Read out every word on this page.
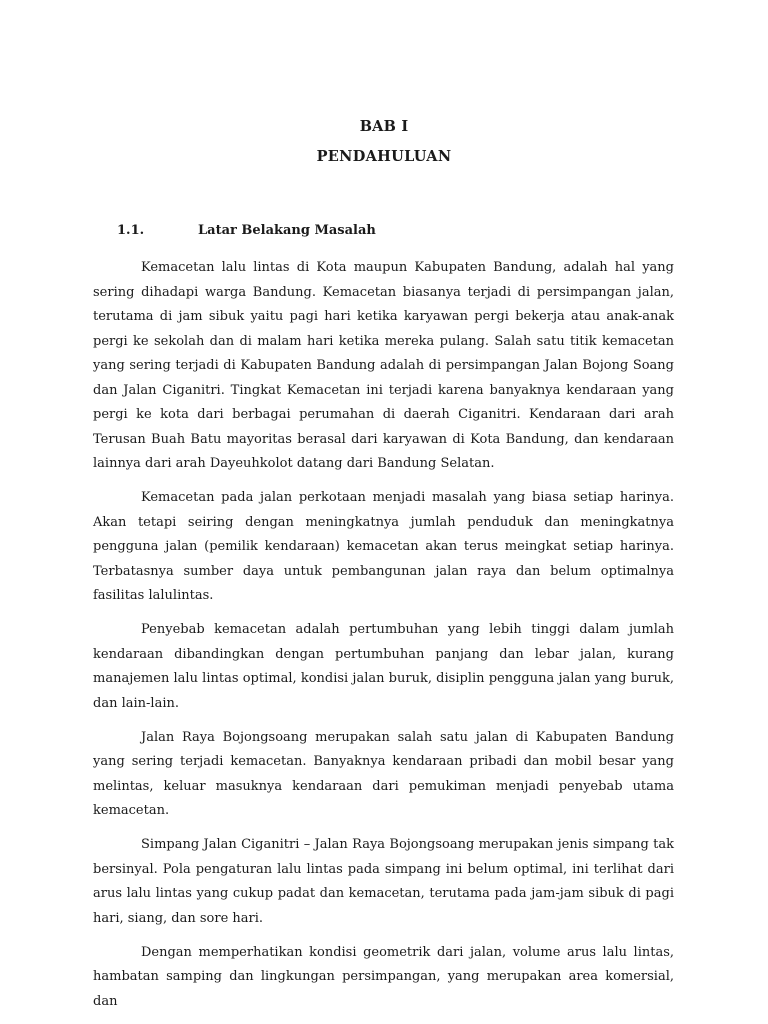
BAB I
PENDAHULUAN
1.1.	Latar Belakang Masalah

Kemacetan lalu lintas di Kota maupun Kabupaten Bandung, adalah hal yang sering dihadapi warga Bandung. Kemacetan biasanya terjadi di persimpangan jalan, terutama di jam sibuk yaitu pagi hari ketika karyawan pergi bekerja atau anak-anak pergi ke sekolah dan di malam hari ketika mereka pulang. Salah satu titik kemacetan yang sering terjadi di Kabupaten Bandung adalah di persimpangan Jalan Bojong Soang dan Jalan Ciganitri. Tingkat Kemacetan ini terjadi karena banyaknya kendaraan yang pergi ke kota dari berbagai perumahan di daerah Ciganitri. Kendaraan dari arah Terusan Buah Batu mayoritas berasal dari karyawan di Kota Bandung, dan kendaraan lainnya dari arah Dayeuhkolot datang dari Bandung Selatan.

Kemacetan pada jalan perkotaan menjadi masalah yang biasa setiap harinya. Akan tetapi seiring dengan meningkatnya jumlah penduduk dan meningkatnya pengguna jalan (pemilik kendaraan) kemacetan akan terus meingkat setiap harinya. Terbatasnya sumber daya untuk pembangunan jalan raya dan belum optimalnya fasilitas lalulintas.

Penyebab kemacetan adalah pertumbuhan yang lebih tinggi dalam jumlah kendaraan dibandingkan dengan pertumbuhan panjang dan lebar jalan, kurang manajemen lalu lintas optimal, kondisi jalan buruk, disiplin pengguna jalan yang buruk, dan lain-lain.

Jalan Raya Bojongsoang merupakan salah satu jalan di Kabupaten Bandung yang sering terjadi kemacetan. Banyaknya kendaraan pribadi dan mobil besar yang melintas, keluar masuknya kendaraan dari pemukiman menjadi penyebab utama kemacetan.

Simpang Jalan Ciganitri – Jalan Raya Bojongsoang merupakan jenis simpang tak bersinyal. Pola pengaturan lalu lintas pada simpang ini belum optimal, ini terlihat dari arus lalu lintas yang cukup padat dan kemacetan, terutama pada jam-jam sibuk di pagi hari, siang, dan sore hari.

Dengan memperhatikan kondisi geometrik dari jalan, volume arus lalu lintas, hambatan samping dan lingkungan persimpangan, yang merupakan area komersial, dan
